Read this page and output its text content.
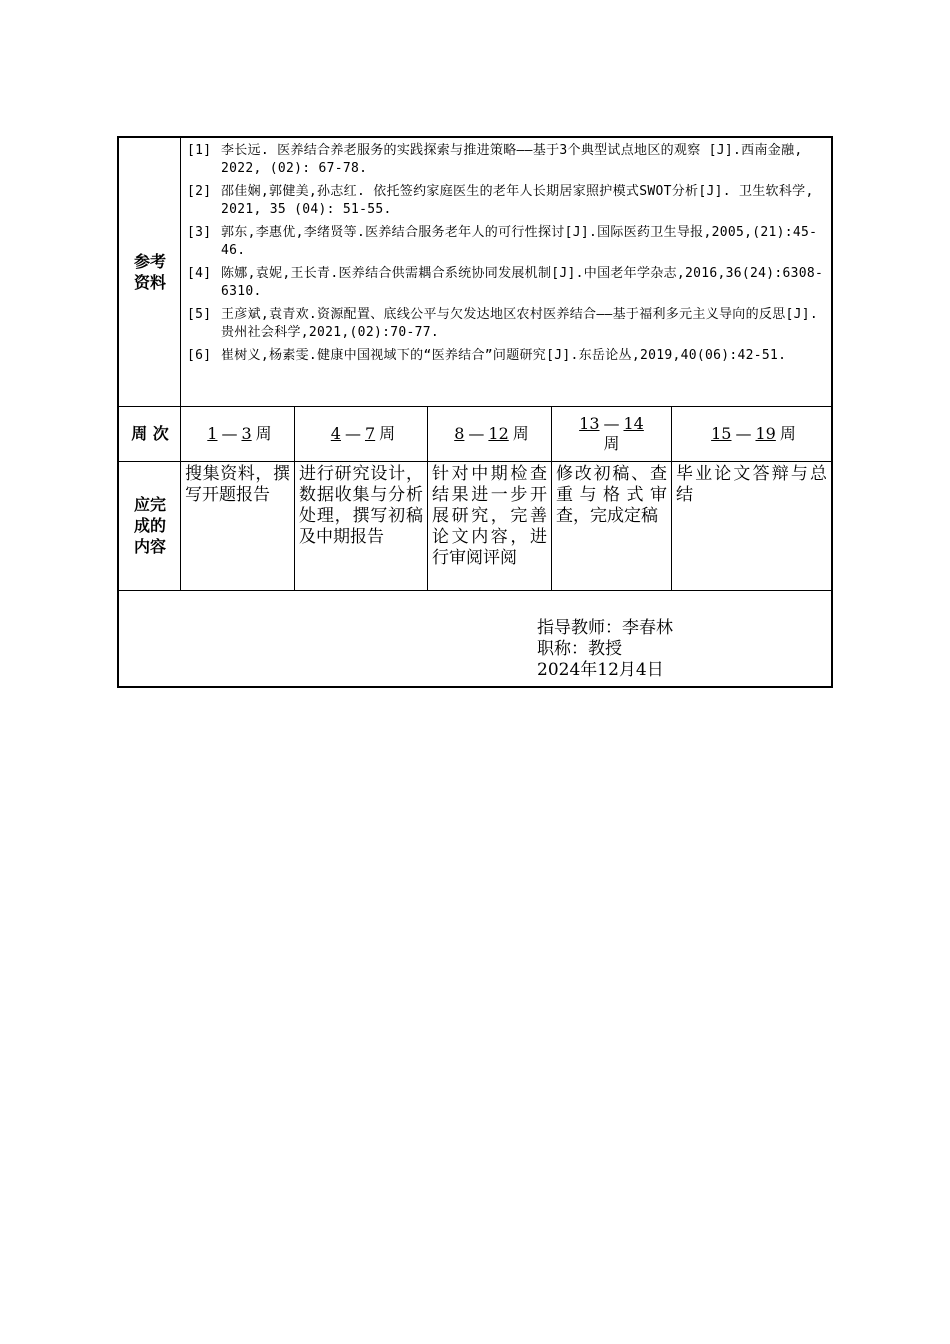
参考资料
[1] 李长远. 医养结合养老服务的实践探索与推进策略——基于3个典型试点地区的观察 [J].西南金融, 2022, (02): 67-78.
[2] 邵佳娴,郭健美,孙志红. 依托签约家庭医生的老年人长期居家照护模式SWOT分析[J]. 卫生软科学, 2021, 35 (04): 51-55.
[3] 郭东,李惠优,李绪贤等.医养结合服务老年人的可行性探讨[J].国际医药卫生导报,2005,(21):45-46.
[4] 陈娜,袁妮,王长青.医养结合供需耦合系统协同发展机制[J].中国老年学杂志,2016,36(24):6308-6310.
[5] 王彦斌,袁青欢.资源配置、底线公平与欠发达地区农村医养结合——基于福利多元主义导向的反思[J].贵州社会科学,2021,(02):70-77.
[6] 崔树义,杨素雯.健康中国视域下的“医养结合”问题研究[J].东岳论丛,2019,40(06):42-51.
周 次 1 — 3 周	4 — 7 周	8 — 12 周
13 — 14
周
15 — 19 周
应完成的内容
搜集资料，撰写开题报告
进行研究设计，数据收集与分析处理，撰写初稿及中期报告
针对中期检查结果进一步开展研究，完善论文内容，进行审阅评阅
修改初稿、查重与格式审查，完成定稿
毕业论文答辩与总结
指导教师：李春林
职称：教授
2024年12月4日
